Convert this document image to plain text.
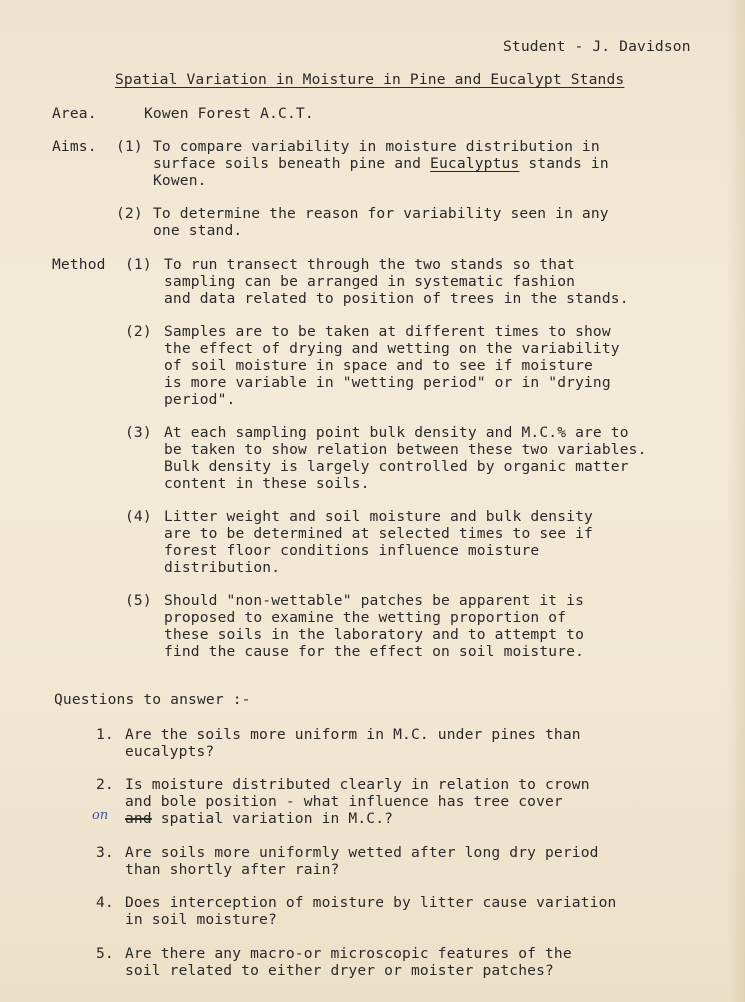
Student - J. Davidson
Spatial Variation in Moisture in Pine and Eucalypt Stands
Area.	Kowen Forest A.C.T.
Aims. (1) To compare variability in moisture distribution in
surface soils beneath pine and Eucalyptus stands in
Kowen.
(2) To determine the reason for variability seen in any
one stand.
Method (1) To run transect through the two stands so that
sampling can be arranged in systematic fashion
and data related to position of trees in the stands.
(2) Samples are to be taken at different times to show
the effect of drying and wetting on the variability
of soil moisture in space and to see if moisture
is more variable in "wetting period" or in "drying
period".
(3) At each sampling point bulk density and M.C.% are to
be taken to show relation between these two variables.
Bulk density is largely controlled by organic matter
content in these soils.
(4) Litter weight and soil moisture and bulk density
are to be determined at selected times to see if
forest floor conditions influence moisture
distribution.
(5) Should "non-wettable" patches be apparent it is
proposed to examine the wetting proportion of
these soils in the laboratory and to attempt to
find the cause for the effect on soil moisture.
Questions to answer :-
1. Are the soils more uniform in M.C. under pines than
eucalypts?
2. Is moisture distributed clearly in relation to crown
and bole position - what influence has tree cover
on and spatial variation in M.C.?
3. Are soils more uniformly wetted after long dry period
than shortly after rain?
4. Does interception of moisture by litter cause variation
in soil moisture?
5. Are there any macro-or microscopic features of the
soil related to either dryer or moister patches?
